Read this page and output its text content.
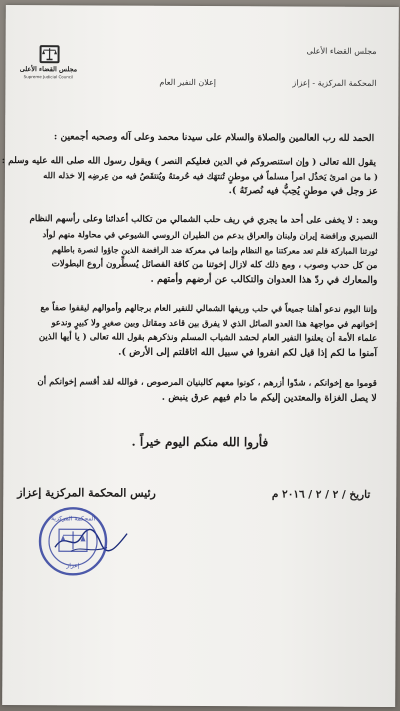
مجلس القضاء الأعلى
المحكمة المركزية - إعزاز
إعلان النفير العام
مجلس القضاء الأعلى
Supreme Judicial Council
الحمد لله رب العالمين والصلاة والسلام على سيدنا محمد وعلى آله وصحبه أجمعين :
يقول الله تعالى ( وإن استنصروكم في الدين فعليكم النصر ) ويقول رسول الله صلى الله عليه وسلم :
( ما من امرئ يَخذُل امرأ مسلماً في موطنٍ تُنتهَك فيه حُرمتهُ ويُنتقَصُ فيه من عِرضِه إلا خذله الله
عز وجل في موطنٍ يُحِبُّ فيه نُصرتَهُ ).
وبعد : لا يخفى على أحد ما يجري في ريف حلب الشمالي من تكالب أعدائنا وعلى رأسهم النظام
النصيري ورافضة إيران ولبنان والعراق بدعم من الطيران الروسي الشيوعي في محاولة منهم لوأد
ثورتنا المباركة فلم تعد معركتنا مع النظام وإنما في معركة ضد الرافضة الذين جاؤوا لنصرة باطلهم
من كل حدب وصوب ، ومع ذلك كله لازال إخوتنا من كافة الفصائل يُسطِّرون أروع البطولات
والمعارك في ردّ هذا العدوان والتكالب عن أرضهم وأمتهم .
وإننا اليوم ندعو أهلنا جميعاً في حلب وريفها الشمالي للنفير العام برجالهم وأموالهم ليقفوا صفاً مع
إخوانهم في مواجهة هذا العدو الصائل الذي لا يفرق بين قاعد ومقاتل وبين صغيرٍ ولا كبيرٍ وندعو
علماء الأمة أن يعلنوا النفير العام لحشد الشباب المسلم ونذكرهم بقول الله تعالى ( يا أيها الذين
آمنوا ما لكم إذا قيل لكم انفروا في سبيل الله اثاقلتم إلى الأرض ).
قوموا مع إخوانكم ، شدّوا أزرهم ، كونوا معهم كالبنيان المرصوص ، فوالله لقد أقسم إخوانكم أن
لا يصل الغزاة والمعتدين إليكم ما دام فيهم عرق ينبض .
فأروا الله منكم اليوم خيراً .
تاريخ / ٢ / ٢ / ٢٠١٦ م
رئيس المحكمة المركزية إعزاز
المحكمة المركزية
إعزاز
